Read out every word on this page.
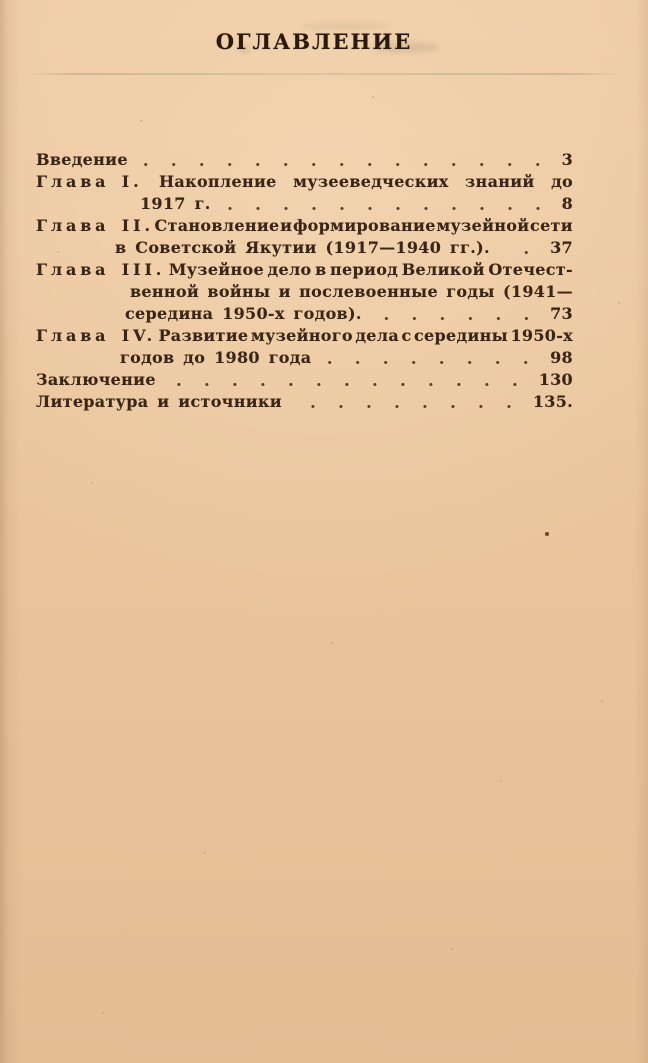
ОГЛАВЛЕНИЕ
Введение	3
Глава I. Накопление музееведческих знаний до
1917 г.	8
Глава II. Становление и формирование музейной сети
в Советской Якутии (1917—1940 гг.).	37
Глава III. Музейное дело в период Великой Отечест-
венной войны и послевоенные годы (1941—
середина 1950-х годов).	73
Глава IV. Развитие музейного дела с середины 1950-х
годов до 1980 года	98
Заключение	130
Литература и источники	135.
